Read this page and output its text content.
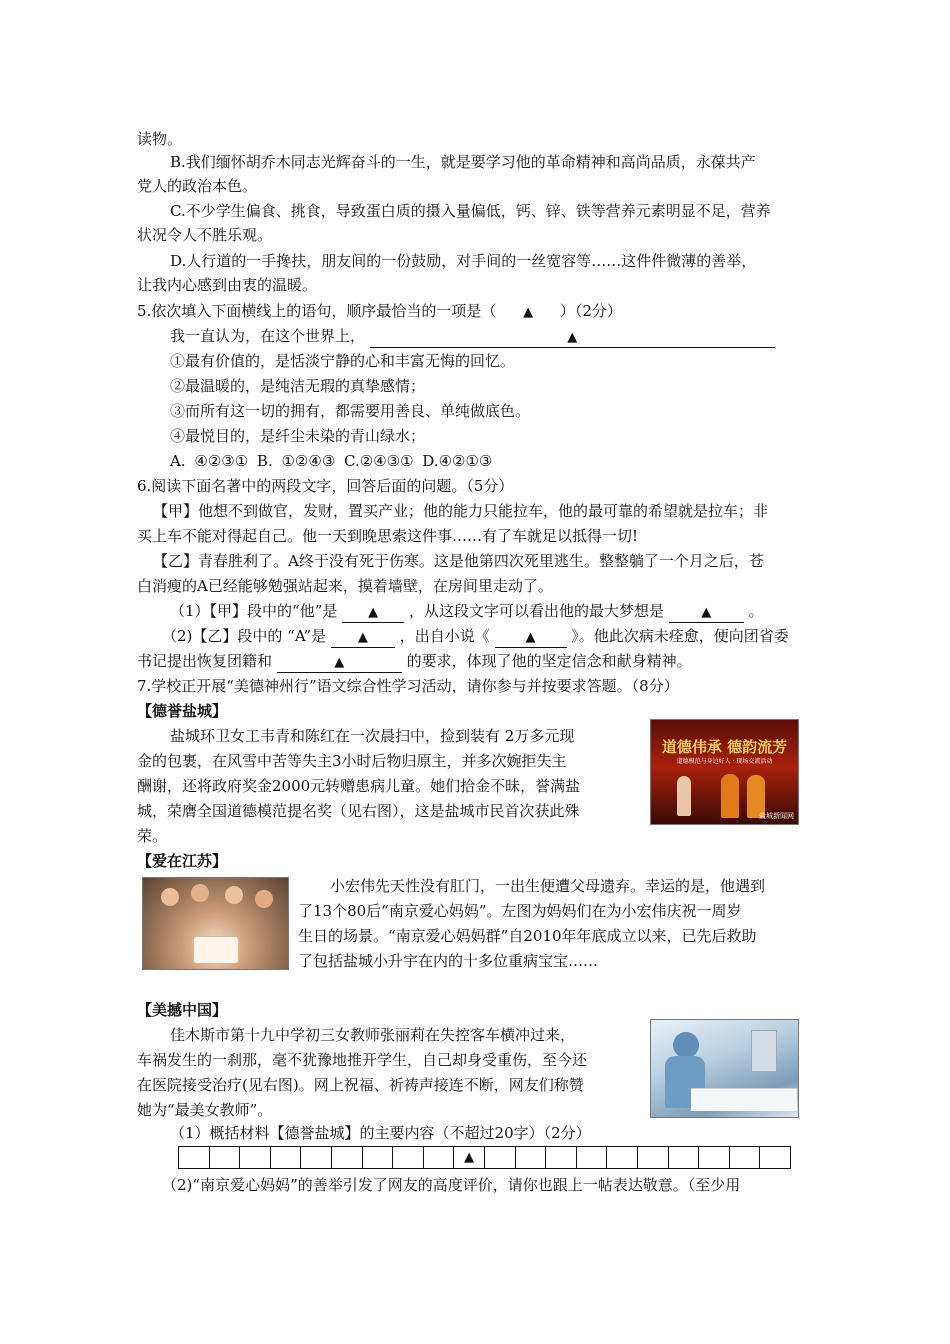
读物。
B.我们缅怀胡乔木同志光辉奋斗的一生，就是要学习他的革命精神和高尚品质，永葆共产
党人的政治本色。
C.不少学生偏食、挑食，导致蛋白质的摄入量偏低，钙、锌、铁等营养元素明显不足，营养
状况令人不胜乐观。
D.人行道的一手搀扶，朋友间的一份鼓励，对手间的一丝宽容等……这件件微薄的善举，
让我内心感到由衷的温暖。
5.依次填入下面横线上的语句，顺序最恰当的一项是（ ▲ ）（2分）
我一直认为，在这个世界上，	▲
①最有价值的，是恬淡宁静的心和丰富无悔的回忆。
②最温暖的，是纯洁无瑕的真挚感情；
③而所有这一切的拥有，都需要用善良、单纯做底色。
④最悦目的，是纤尘未染的青山绿水；
A. ④②③① B. ①②④③ C.②④③① D.④②①③
6.阅读下面名著中的两段文字，回答后面的问题。（5分）
【甲】他想不到做官，发财，置买产业；他的能力只能拉车，他的最可靠的希望就是拉车；非
买上车不能对得起自己。他一天到晚思索这件事……有了车就足以抵得一切!
【乙】青春胜利了。A终于没有死于伤寒。这是他第四次死里逃生。整整躺了一个月之后，苍
白消瘦的A已经能够勉强站起来，摸着墙壁，在房间里走动了。
（1）【甲】段中的“他”是 ▲ ，从这段文字可以看出他的最大梦想是	▲ 。
（2)【乙】段中的 “A”是 ▲ ，出自小说《	▲ 》。他此次病未痊愈，便向团省委
书记提出恢复团籍和	▲	的要求，体现了他的坚定信念和献身精神。
7.学校正开展“美德神州行”语文综合性学习活动，请你参与并按要求答题。（8分）
【德誉盐城】
盐城环卫女工韦青和陈红在一次晨扫中，捡到装有 2万多元现
金的包裹，在风雪中苦等失主3小时后物归原主，并多次婉拒失主
酬谢，还将政府奖金2000元转赠患病儿童。她们拾金不昧，誉满盐
城，荣膺全国道德模范提名奖（见右图），这是盐城市民首次获此殊
荣。
道德伟承 德韵流芳
道德模范与身边好人 · 现场交流活动
盐城新闻网
【爱在江苏】
小宏伟先天性没有肛门，一出生便遭父母遗弃。幸运的是，他遇到
了13个80后“南京爱心妈妈”。左图为妈妈们在为小宏伟庆祝一周岁
生日的场景。“南京爱心妈妈群”自2010年年底成立以来，已先后救助
了包括盐城小升宇在内的十多位重病宝宝……
【美撼中国】
佳木斯市第十九中学初三女教师张丽莉在失控客车横冲过来，
车祸发生的一刹那，毫不犹豫地推开学生，自己却身受重伤，至今还
在医院接受治疗(见右图)。网上祝福、祈祷声接连不断，网友们称赞
她为“最美女教师”。
（1）概括材料【德誉盐城】的主要内容（不超过20字）（2分）
▲
（2)“南京爱心妈妈”的善举引发了网友的高度评价，请你也跟上一帖表达敬意。（至少用
